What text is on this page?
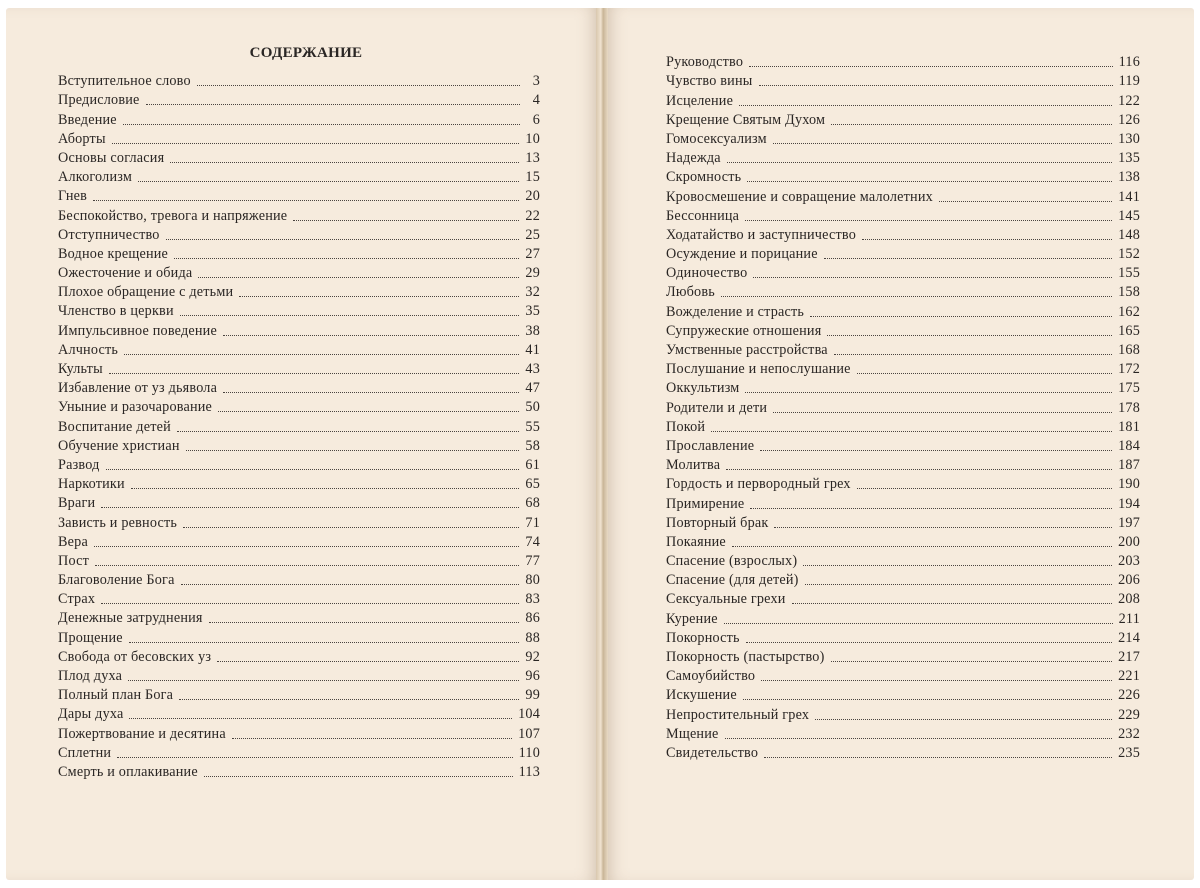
СОДЕРЖАНИЕ
Вступительное слово	3
Предисловие	4
Введение	6
Аборты	10
Основы согласия	13
Алкоголизм	15
Гнев	20
Беспокойство, тревога и напряжение	22
Отступничество	25
Водное крещение	27
Ожесточение и обида	29
Плохое обращение с детьми	32
Членство в церкви	35
Импульсивное поведение	38
Алчность	41
Культы	43
Избавление от уз дьявола	47
Уныние и разочарование	50
Воспитание детей	55
Обучение христиан	58
Развод	61
Наркотики	65
Враги	68
Зависть и ревность	71
Вера	74
Пост	77
Благоволение Бога	80
Страх	83
Денежные затруднения	86
Прощение	88
Свобода от бесовских уз	92
Плод духа	96
Полный план Бога	99
Дары духа	104
Пожертвование и десятина	107
Сплетни	110
Смерть и оплакивание	113
Руководство	116
Чувство вины	119
Исцеление	122
Крещение Святым Духом	126
Гомосексуализм	130
Надежда	135
Скромность	138
Кровосмешение и совращение малолетних	141
Бессонница	145
Ходатайство и заступничество	148
Осуждение и порицание	152
Одиночество	155
Любовь	158
Вожделение и страсть	162
Супружеские отношения	165
Умственные расстройства	168
Послушание и непослушание	172
Оккультизм	175
Родители и дети	178
Покой	181
Прославление	184
Молитва	187
Гордость и первородный грех	190
Примирение	194
Повторный брак	197
Покаяние	200
Спасение (взрослых)	203
Спасение (для детей)	206
Сексуальные грехи	208
Курение	211
Покорность	214
Покорность (пастырство)	217
Самоубийство	221
Искушение	226
Непростительный грех	229
Мщение	232
Свидетельство	235
